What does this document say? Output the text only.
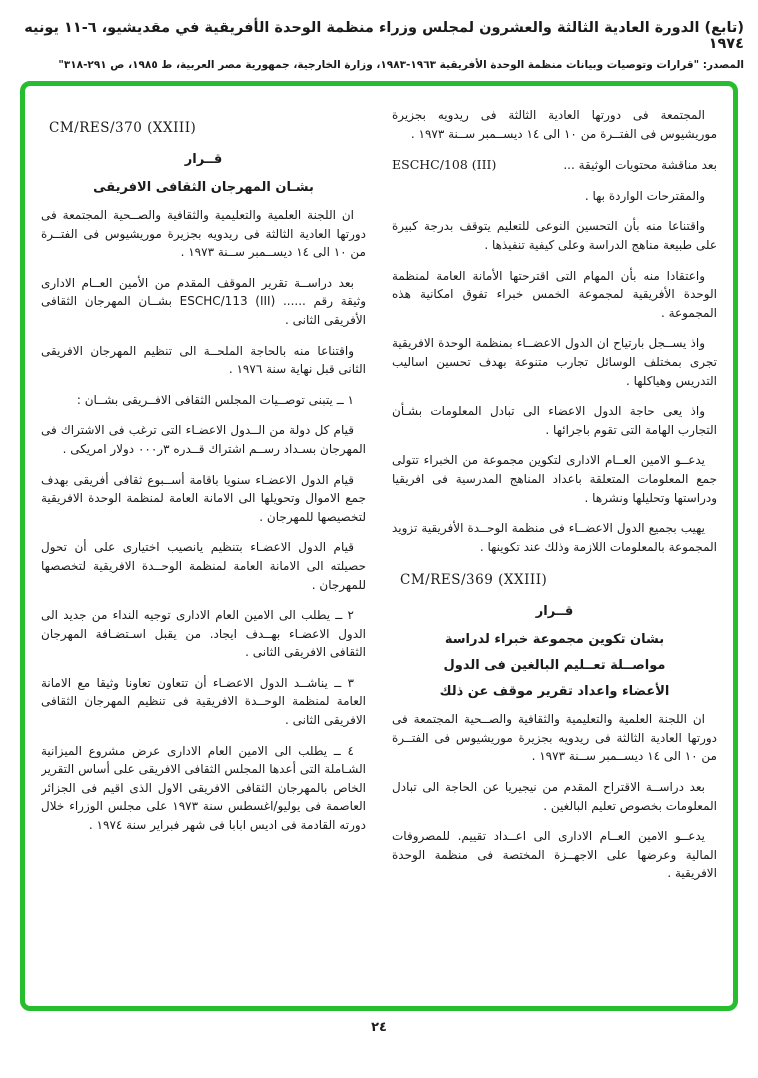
(تابع) الدورة العادية الثالثة والعشرون لمجلس وزراء منظمة الوحدة الأفريقية في مقديشيو، ٦-١١ يونيه ١٩٧٤
المصدر: "قرارات وتوصيات وبيانات منظمة الوحدة الأفريقية ١٩٦٣-١٩٨٣، وزارة الخارجية، جمهورية مصر العربية، ط ١٩٨٥، ص ٢٩١-٣١٨"

المجتمعة فى دورتها العادية الثالثة فى ريدويه بجزيرة موريشيوس فى الفتــرة من ١٠ الى ١٤ ديســمبر ســنة ١٩٧٣ .

بعد مناقشة محتويات الوثيقة ...
ESCHC/108 (III)

والمقترحات الواردة بها .

واقتناعا منه بأن التحسين النوعى للتعليم يتوقف بدرجة كبيرة على طبيعة مناهج الدراسة وعلى كيفية تنفيذها .

واعتقادا منه بأن المهام التى اقترحتها الأمانة العامة لمنظمة الوحدة الأفريقية لمجموعة الخمس خبراء تفوق امكانية هذه المجموعة .

واذ يســجل بارتياح ان الدول الاعضــاء بمنظمة الوحدة الافريقية تجرى بمختلف الوسائل تجارب متنوعة بهدف تحسين اساليب التدريس وهياكلها .

واذ يعى حاجة الدول الاعضاء الى تبادل المعلومات بشـأن التجارب الهامة التى تقوم باجرائها .

يدعــو الامين العــام الادارى لتكوين مجموعة من الخبراء تتولى جمع المعلومات المتعلقة باعداد المناهج المدرسية فى افريقيا ودراستها وتحليلها ونشرها .

يهيب بجميع الدول الاعضــاء فى منظمة الوحــدة الأفريقية تزويد المجموعة بالمعلومات اللازمة وذلك عند تكوينها .

CM/RES/369 (XXIII)
قــرار
بشان تكوين مجموعة خبراء لدراسة
مواصــلة تعــليم البالغين فى الدول
الأعضاء واعداد تقرير موقف عن ذلك

ان اللجنة العلمية والتعليمية والثقافية والصــحية المجتمعة فى دورتها العادية الثالثة فى ريدويه بجزيرة موريشيوس فى الفتــرة من ١٠ الى ١٤ ديســمبر ســنة ١٩٧٣ .

بعد دراســة الاقتراح المقدم من نيجيريا عن الحاجة الى تبادل المعلومات بخصوص تعليم البالغين .

يدعــو الامين العــام الادارى الى اعــداد تقييم. للمصروفات المالية وعرضها على الاجهــزة المختصة فى منظمة الوحدة الافريقية .

CM/RES/370 (XXIII)
قــرار
بشـان المهرجان الثقافى الافريقى

ان اللجنة العلمية والتعليمية والثقافية والصــحية المجتمعة فى دورتها العادية الثالثة فى ريدويه بجزيرة موريشيوس فى الفتــرة من ١٠ الى ١٤ ديســمبر ســنة ١٩٧٣ .

بعد دراســة تقرير الموقف المقدم من الأمين العــام الادارى وثيقة رقم ...... ⁦ESCHC/113 (III)⁩ بشــان المهرجان الثقافى الأفريقى الثانى .

واقتناعا منه بالحاجة الملحــة الى تنظيم المهرجان الافريقى الثانى قبل نهاية سنة ١٩٧٦ .

١ ــ يتبنى توصــيات المجلس الثقافى الافــريقى بشــان :

قيام كل دولة من الــدول الاعضـاء التى ترغب فى الاشتراك فى المهرجان بسـداد رســم اشتراك قــدره ٣ر٠٠٠ دولار امريكى .

قيام الدول الاعضـاء سنويا باقامة أســبوع ثقافى أفريقى بهدف جمع الاموال وتحويلها الى الامانة العامة لمنظمة الوحدة الافريقية لتخصيصها للمهرجان .

قيام الدول الاعضـاء بتنظيم يانصيب اختيارى على أن تحول حصيلته الى الامانة العامة لمنظمة الوحــدة الافريقية لتخصصها للمهرجان .

٢ ــ يطلب الى الامين العام الادارى توجيه النداء من جديد الى الدول الاعضـاء بهــدف ايجاد. من يقبل اسـتضـافة المهرجان الثقافى الافريقى الثانى .

٣ ــ يناشــد الدول الاعضـاء أن تتعاون تعاونا وثيقا مع الامانة العامة لمنظمة الوحــدة الافريقية فى تنظيم المهرجان الثقافى الافريقى الثانى .

٤ ــ يطلب الى الامين العام الادارى عرض مشروع الميزانية الشـاملة التى أعدها المجلس الثقافى الافريقى على أساس التقرير الخاص بالمهرجان الثقافى الافريقى الاول الذى اقيم فى الجزائر العاصمة فى يوليو/اغسطس سنة ١٩٧٣ على مجلس الوزراء خلال دورته القادمة فى اديس ابابا فى شهر فبراير سنة ١٩٧٤ .

٢٤
